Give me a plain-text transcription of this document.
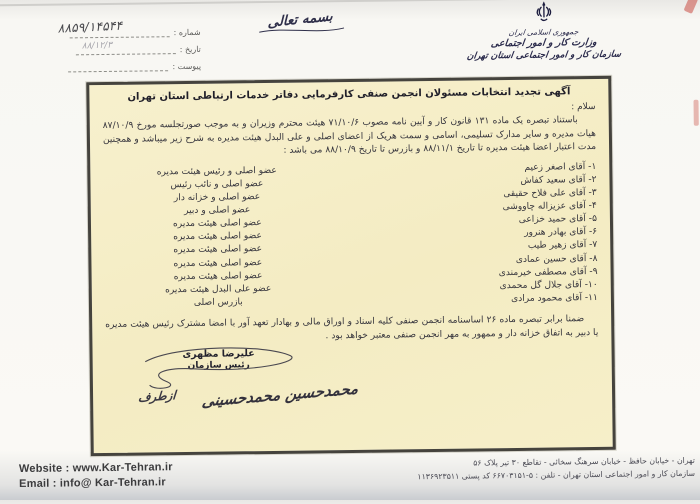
شماره :
۸۸۵۹/۱۴۵۴۴
تاریخ :
۸۸/۱۲/۳
پیوست :
بسمه تعالی
جمهوری اسلامی ایران
وزارت کار و امور اجتماعی
سازمان کار و امور اجتماعی استان تهران
آگهی تجدید انتخابات مسئولان انجمن صنفی کارفرمایی دفاتر خدمات ارتباطی استان تهران
سلام :
باستناد تبصره یک ماده ۱۳۱ قانون کار و آیین نامه مصوب ۷۱/۱۰/۶ هیئت محترم وزیران و به موجب صورتجلسه مورخ ۸۷/۱۰/۹ هیات مدیره و سایر مدارک تسلیمی، اسامی و سمت هریک از اعضای اصلی و علی البدل هیئت مدیره به شرح زیر میباشد و همچنین مدت اعتبار اعضا هیئت مدیره تا تاریخ ۸۸/۱۱/۱ و بازرس تا تاریخ ۸۸/۱۰/۹ می باشد :
۱- آقای اصغر زعیم
عضو اصلی و رئیس هیئت مدیره
۲- آقای سعید کفاش
عضو اصلی و نائب رئیس
۳- آقای علی فلاح حقیقی
عضو اصلی و خزانه دار
۴- آقای عزیزاله چاووشی
عضو اصلی و دبیر
۵- آقای حمید خزاعی
عضو اصلی هیئت مدیره
۶- آقای بهادر هنرور
عضو اصلی هیئت مدیره
۷- آقای زهیر طیب
عضو اصلی هیئت مدیره
۸- آقای حسین عمادی
عضو اصلی هیئت مدیره
۹- آقای مصطفی خیرمندی
عضو اصلی هیئت مدیره
۱۰- آقای جلال گل محمدی
عضو علی البدل هیئت مدیره
۱۱- آقای محمود مرادی
بازرس اصلی
ضمنا برابر تبصره ماده ۲۶ اساسنامه انجمن صنفی کلیه اسناد و اوراق مالی و بهادار تعهد آور با امضا مشترک رئیس هیئت مدیره یا دبیر به اتفاق خزانه دار و ممهور به مهر انجمن صنفی معتبر خواهد بود .
علیرضا مظهری
رئیس سازمان
ازطرف محمدحسین محمدحسینی
Website : www.Kar-Tehran.ir
Email : info@ Kar-Tehran.ir
تهران - خیابان حافظ - خیابان سرهنگ سخائی - تقاطع ۳۰ تیر پلاک ۵۶
سازمان کار و امور اجتماعی استان تهران - تلفن : ۵-۶۶۷۰۳۱۵۱ کد پستی ۱۱۳۶۹۲۳۵۱۱
